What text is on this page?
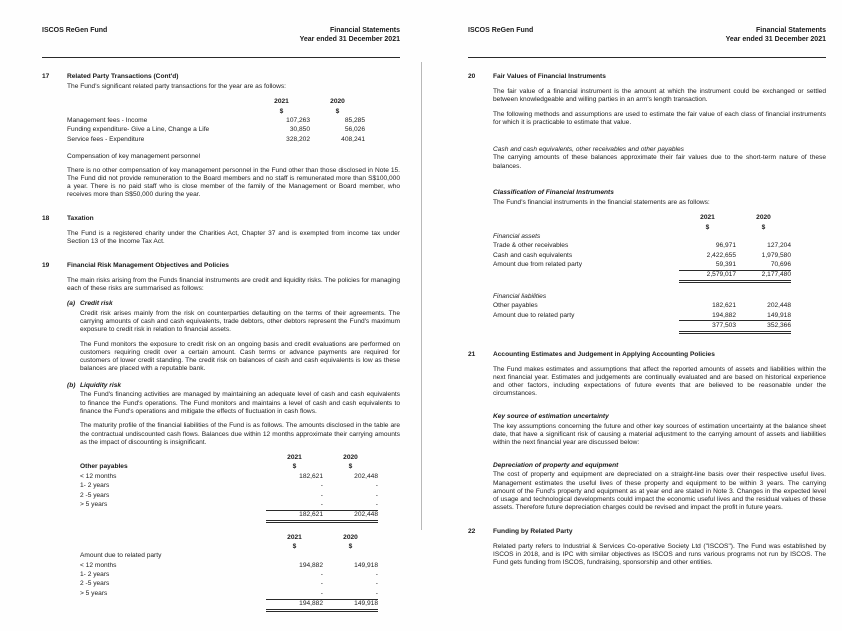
ISCOS ReGen Fund	Financial Statements
Year ended 31 December 2021
17	Related Party Transactions (Cont'd)

The Fund's significant related party transactions for the year are as follows:

2021	2020
$	$
Management fees - Income	107,263	85,285
Funding expenditure- Give a Line, Change a Life	30,850	56,026
Service fees - Expenditure	328,202	408,241
Compensation of key management personnel

There is no other compensation of key management personnel in the Fund other than those disclosed in Note 15. The Fund did not provide remuneration to the Board members and no staff is remunerated more than S$100,000 a year. There is no paid staff who is close member of the family of the Management or Board member, who receives more than S$50,000 during the year.

18	Taxation

The Fund is a registered charity under the Charities Act, Chapter 37 and is exempted from income tax under Section 13 of the Income Tax Act.

19	Financial Risk Management Objectives and Policies

The main risks arising from the Funds financial instruments are credit and liquidity risks. The policies for managing each of these risks are summarised as follows:

(a) Credit risk

Credit risk arises mainly from the risk on counterparties defaulting on the terms of their agreements. The carrying amounts of cash and cash equivalents, trade debtors, other debtors represent the Fund's maximum exposure to credit risk in relation to financial assets.

The Fund monitors the exposure to credit risk on an ongoing basis and credit evaluations are performed on customers requiring credit over a certain amount. Cash terms or advance payments are required for customers of lower credit standing. The credit risk on balances of cash and cash equivalents is low as these balances are placed with a reputable bank.

(b) Liquidity risk

The Fund's financing activities are managed by maintaining an adequate level of cash and cash equivalents to finance the Fund's operations. The Fund monitors and maintains a level of cash and cash equivalents to finance the Fund's operations and mitigate the effects of fluctuation in cash flows.

The maturity profile of the financial liabilities of the Fund is as follows. The amounts disclosed in the table are the contractual undiscounted cash flows. Balances due within 12 months approximate their carrying amounts as the impact of discounting is insignificant.

2021	2020
Other payables	$	$
< 12 months	182,621	202,448
1- 2 years	-	-
2 -5 years	-	-
> 5 years	-	-
182,621	202,448
2021	2020
$	$
Amount due to related party
< 12 months	194,882	149,918
1- 2 years	-	-
2 -5 years	-	-
> 5 years	-	-
194,882	149,918
ISCOS ReGen Fund	Financial Statements
Year ended 31 December 2021
20	Fair Values of Financial Instruments

The fair value of a financial instrument is the amount at which the instrument could be exchanged or settled between knowledgeable and willing parties in an arm's length transaction.

The following methods and assumptions are used to estimate the fair value of each class of financial instruments for which it is practicable to estimate that value.

Cash and cash equivalents, other receivables and other payables

The carrying amounts of these balances approximate their fair values due to the short-term nature of these balances.

Classification of Financial Instruments

The Fund's financial instruments in the financial statements are as follows:

2021	2020
$	$
Financial assets
Trade & other receivables	96,971	127,204
Cash and cash equivalents	2,422,655	1,979,580
Amount due from related party	59,391	70,696
2,579,017	2,177,480
Financial liabilities
Other payables	182,621	202,448
Amount due to related party	194,882	149,918
377,503	352,366
21	Accounting Estimates and Judgement in Applying Accounting Policies

The Fund makes estimates and assumptions that affect the reported amounts of assets and liabilities within the next financial year. Estimates and judgements are continually evaluated and are based on historical experience and other factors, including expectations of future events that are believed to be reasonable under the circumstances.

Key source of estimation uncertainty

The key assumptions concerning the future and other key sources of estimation uncertainty at the balance sheet date, that have a significant risk of causing a material adjustment to the carrying amount of assets and liabilities within the next financial year are discussed below:

Depreciation of property and equipment

The cost of property and equipment are depreciated on a straight-line basis over their respective useful lives. Management estimates the useful lives of these property and equipment to be within 3 years. The carrying amount of the Fund's property and equipment as at year end are stated in Note 3. Changes in the expected level of usage and technological developments could impact the economic useful lives and the residual values of these assets. Therefore future depreciation charges could be revised and impact the profit in future years.

22	Funding by Related Party

Related party refers to Industrial & Services Co-operative Society Ltd ("ISCOS"). The Fund was established by ISCOS in 2018, and is IPC with similar objectives as ISCOS and runs various programs not run by ISCOS. The Fund gets funding from ISCOS, fundraising, sponsorship and other entities.
